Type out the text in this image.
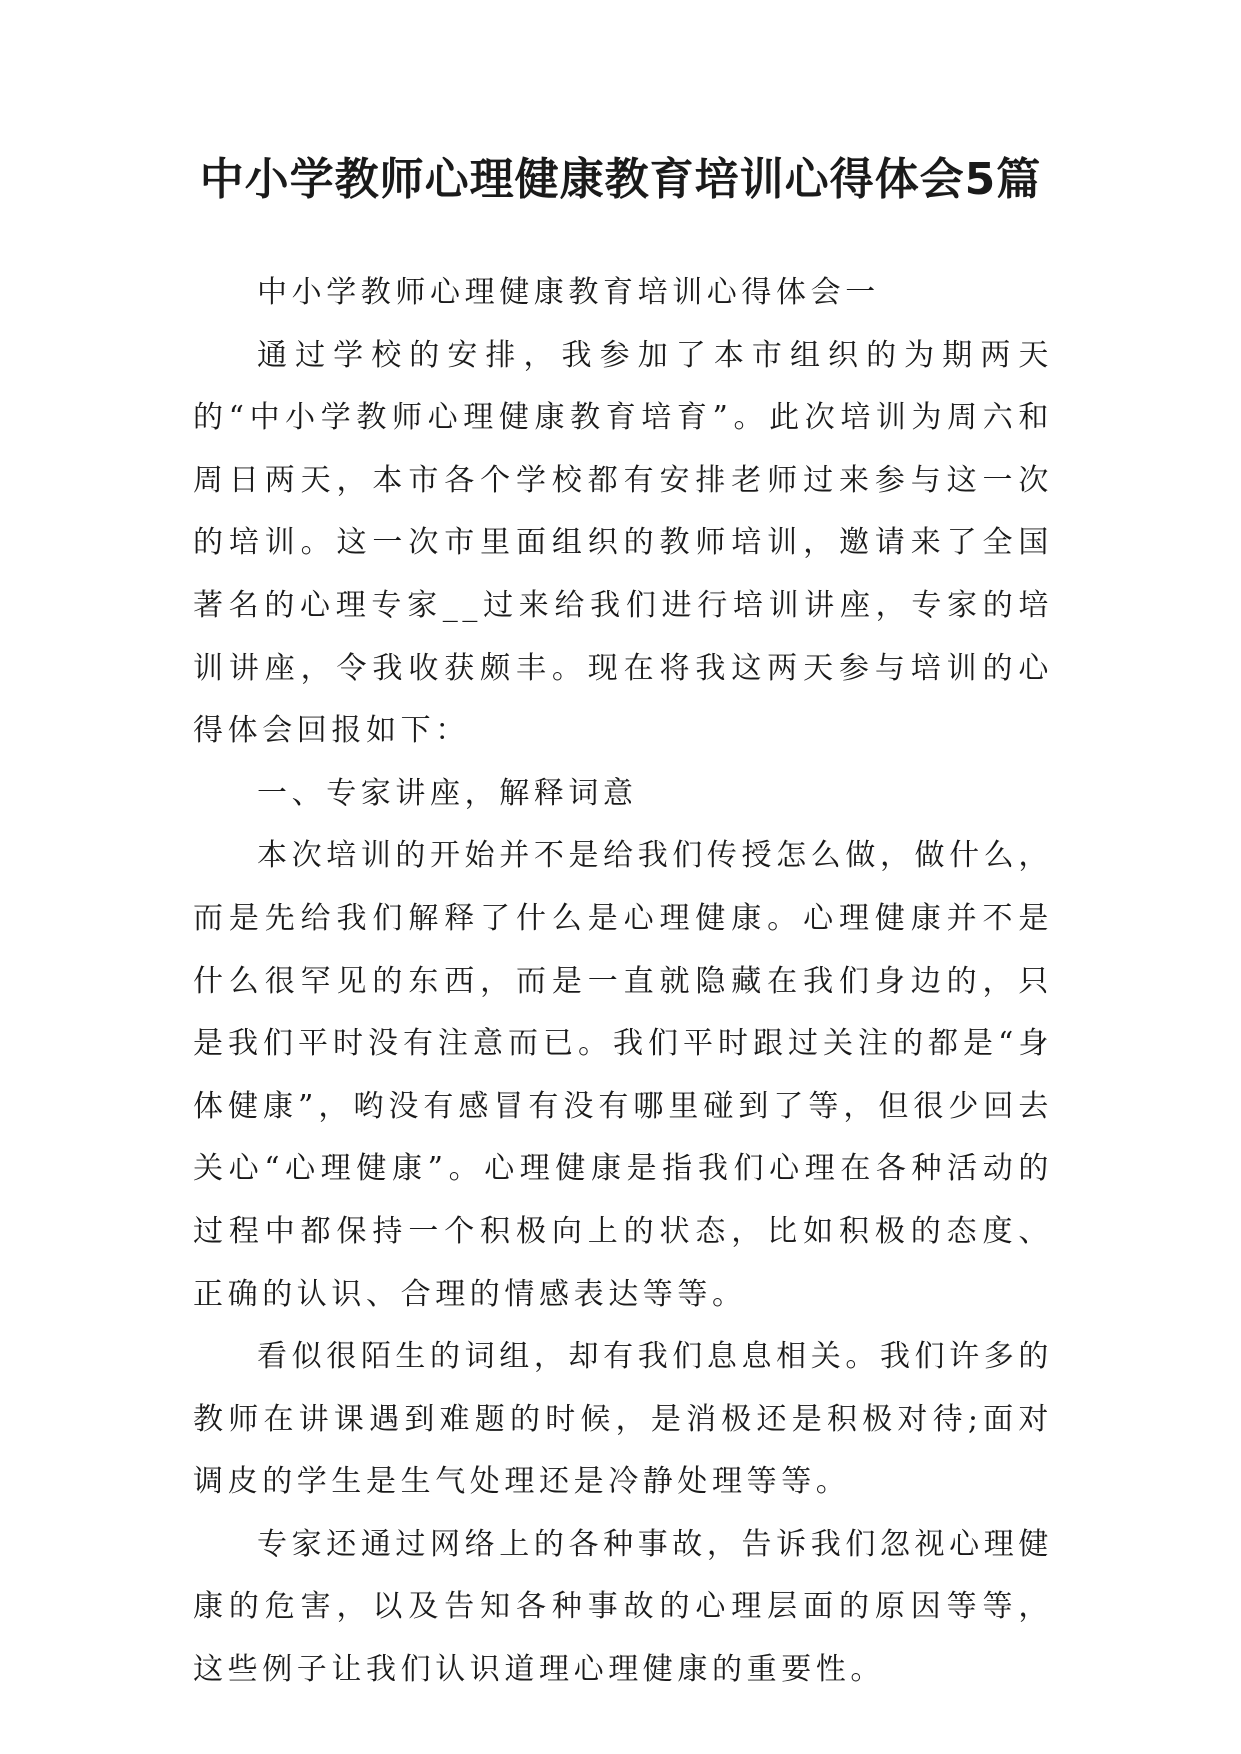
中小学教师心理健康教育培训心得体会5篇

中小学教师心理健康教育培训心得体会一

通过学校的安排，我参加了本市组织的为期两天的“中小学教师心理健康教育培育”。此次培训为周六和周日两天，本市各个学校都有安排老师过来参与这一次的培训。这一次市里面组织的教师培训，邀请来了全国著名的心理专家__过来给我们进行培训讲座，专家的培训讲座，令我收获颇丰。现在将我这两天参与培训的心得体会回报如下：

一、专家讲座，解释词意

本次培训的开始并不是给我们传授怎么做，做什么，而是先给我们解释了什么是心理健康。心理健康并不是什么很罕见的东西，而是一直就隐藏在我们身边的，只是我们平时没有注意而已。我们平时跟过关注的都是“身体健康”，哟没有感冒有没有哪里碰到了等，但很少回去关心“心理健康”。心理健康是指我们心理在各种活动的过程中都保持一个积极向上的状态，比如积极的态度、正确的认识、合理的情感表达等等。

看似很陌生的词组，却有我们息息相关。我们许多的教师在讲课遇到难题的时候，是消极还是积极对待;面对调皮的学生是生气处理还是冷静处理等等。

专家还通过网络上的各种事故，告诉我们忽视心理健康的危害，以及告知各种事故的心理层面的原因等等，这些例子让我们认识道理心理健康的重要性。
